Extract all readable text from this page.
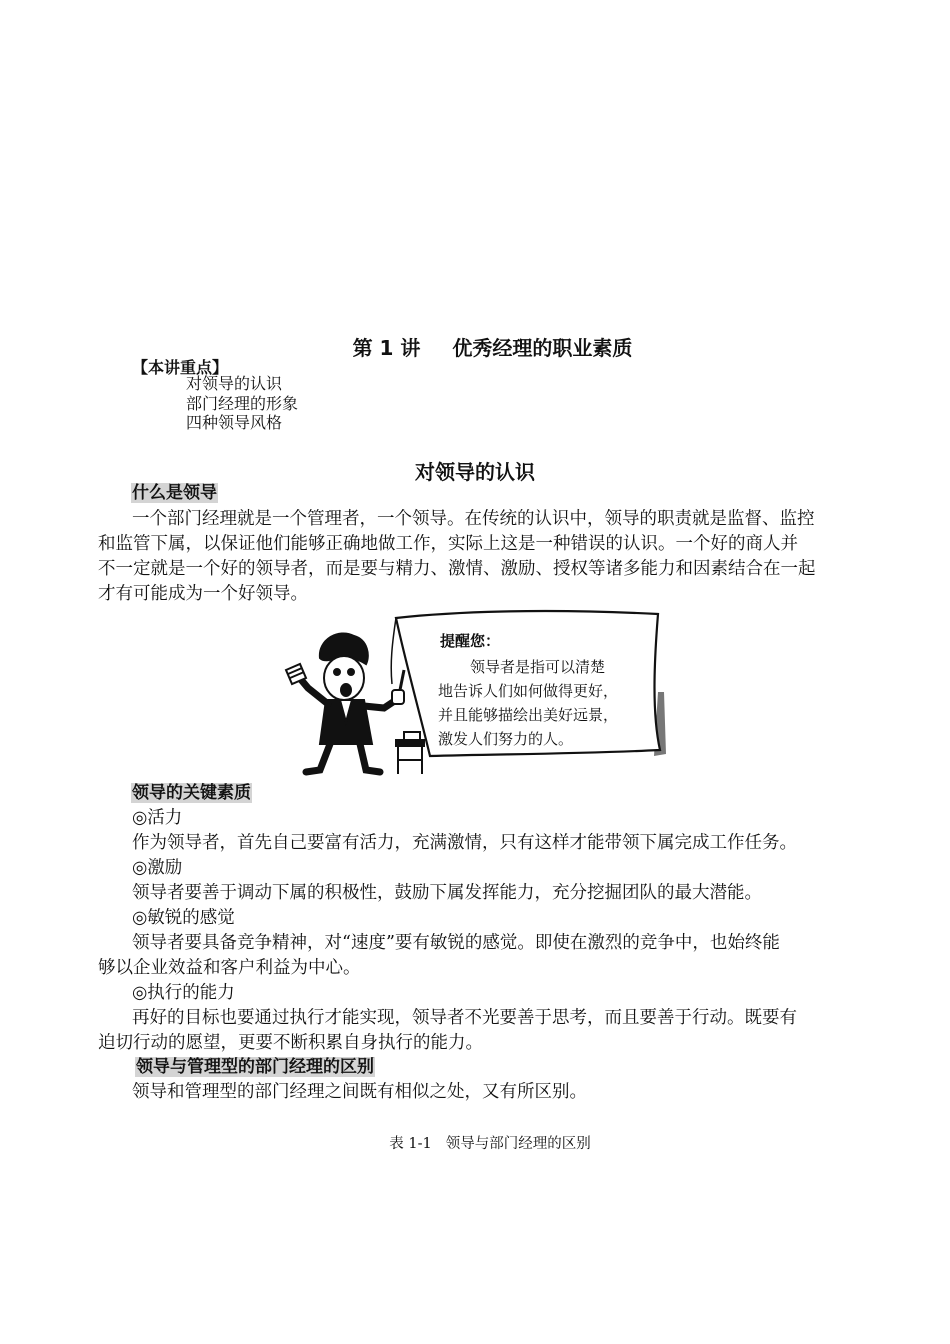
第 1 讲 优秀经理的职业素质
【本讲重点】
对领导的认识
部门经理的形象
四种领导风格
对领导的认识
什么是领导
一个部门经理就是一个管理者，一个领导。在传统的认识中，领导的职责就是监督、监控
和监管下属，以保证他们能够正确地做工作，实际上这是一种错误的认识。一个好的商人并
不一定就是一个好的领导者，而是要与精力、激情、激励、授权等诸多能力和因素结合在一起
才有可能成为一个好领导。
提醒您：
领导者是指可以清楚
地告诉人们如何做得更好，
并且能够描绘出美好远景，
激发人们努力的人。
领导的关键素质
◎活力
作为领导者，首先自己要富有活力，充满激情，只有这样才能带领下属完成工作任务。
◎激励
领导者要善于调动下属的积极性，鼓励下属发挥能力，充分挖掘团队的最大潜能。
◎敏锐的感觉
领导者要具备竞争精神，对“速度”要有敏锐的感觉。即使在激烈的竞争中，也始终能
够以企业效益和客户利益为中心。
◎执行的能力
再好的目标也要通过执行才能实现，领导者不光要善于思考，而且要善于行动。既要有
迫切行动的愿望，更要不断积累自身执行的能力。
领导与管理型的部门经理的区别
领导和管理型的部门经理之间既有相似之处，又有所区别。
表 1-1 领导与部门经理的区别
